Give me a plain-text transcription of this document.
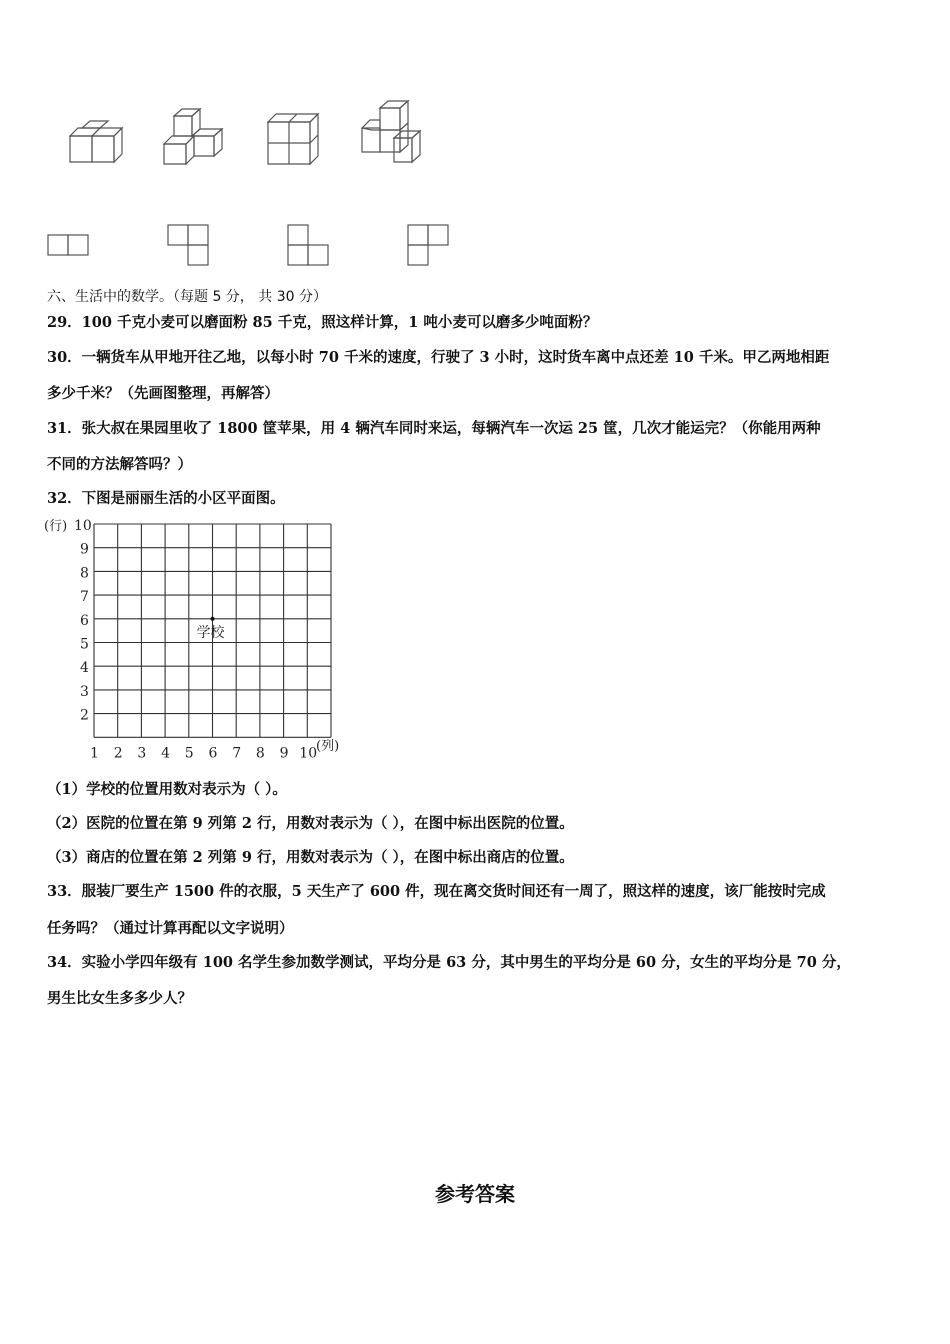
六、生活中的数学。（每题 5 分， 共 30 分）
29．100 千克小麦可以磨面粉 85 千克，照这样计算，1 吨小麦可以磨多少吨面粉？
30．一辆货车从甲地开往乙地，以每小时 70 千米的速度，行驶了 3 小时，这时货车离中点还差 10 千米。甲乙两地相距
多少千米？（先画图整理，再解答）
31．张大叔在果园里收了 1800 筐苹果，用 4 辆汽车同时来运，每辆汽车一次运 25 筐，几次才能运完？（你能用两种
不同的方法解答吗？）
32．下图是丽丽生活的小区平面图。
(行)
(列)
10
9
8
7
6
5
4
3
2
1 2 3 4 5 6 7 8 9 10
学校
（1）学校的位置用数对表示为（ ）。
（2）医院的位置在第 9 列第 2 行，用数对表示为（ ），在图中标出医院的位置。
（3）商店的位置在第 2 列第 9 行，用数对表示为（ ），在图中标出商店的位置。
33．服装厂要生产 1500 件的衣服，5 天生产了 600 件，现在离交货时间还有一周了，照这样的速度，该厂能按时完成
任务吗？（通过计算再配以文字说明）
34．实验小学四年级有 100 名学生参加数学测试，平均分是 63 分，其中男生的平均分是 60 分，女生的平均分是 70 分，
男生比女生多多少人？
参考答案
